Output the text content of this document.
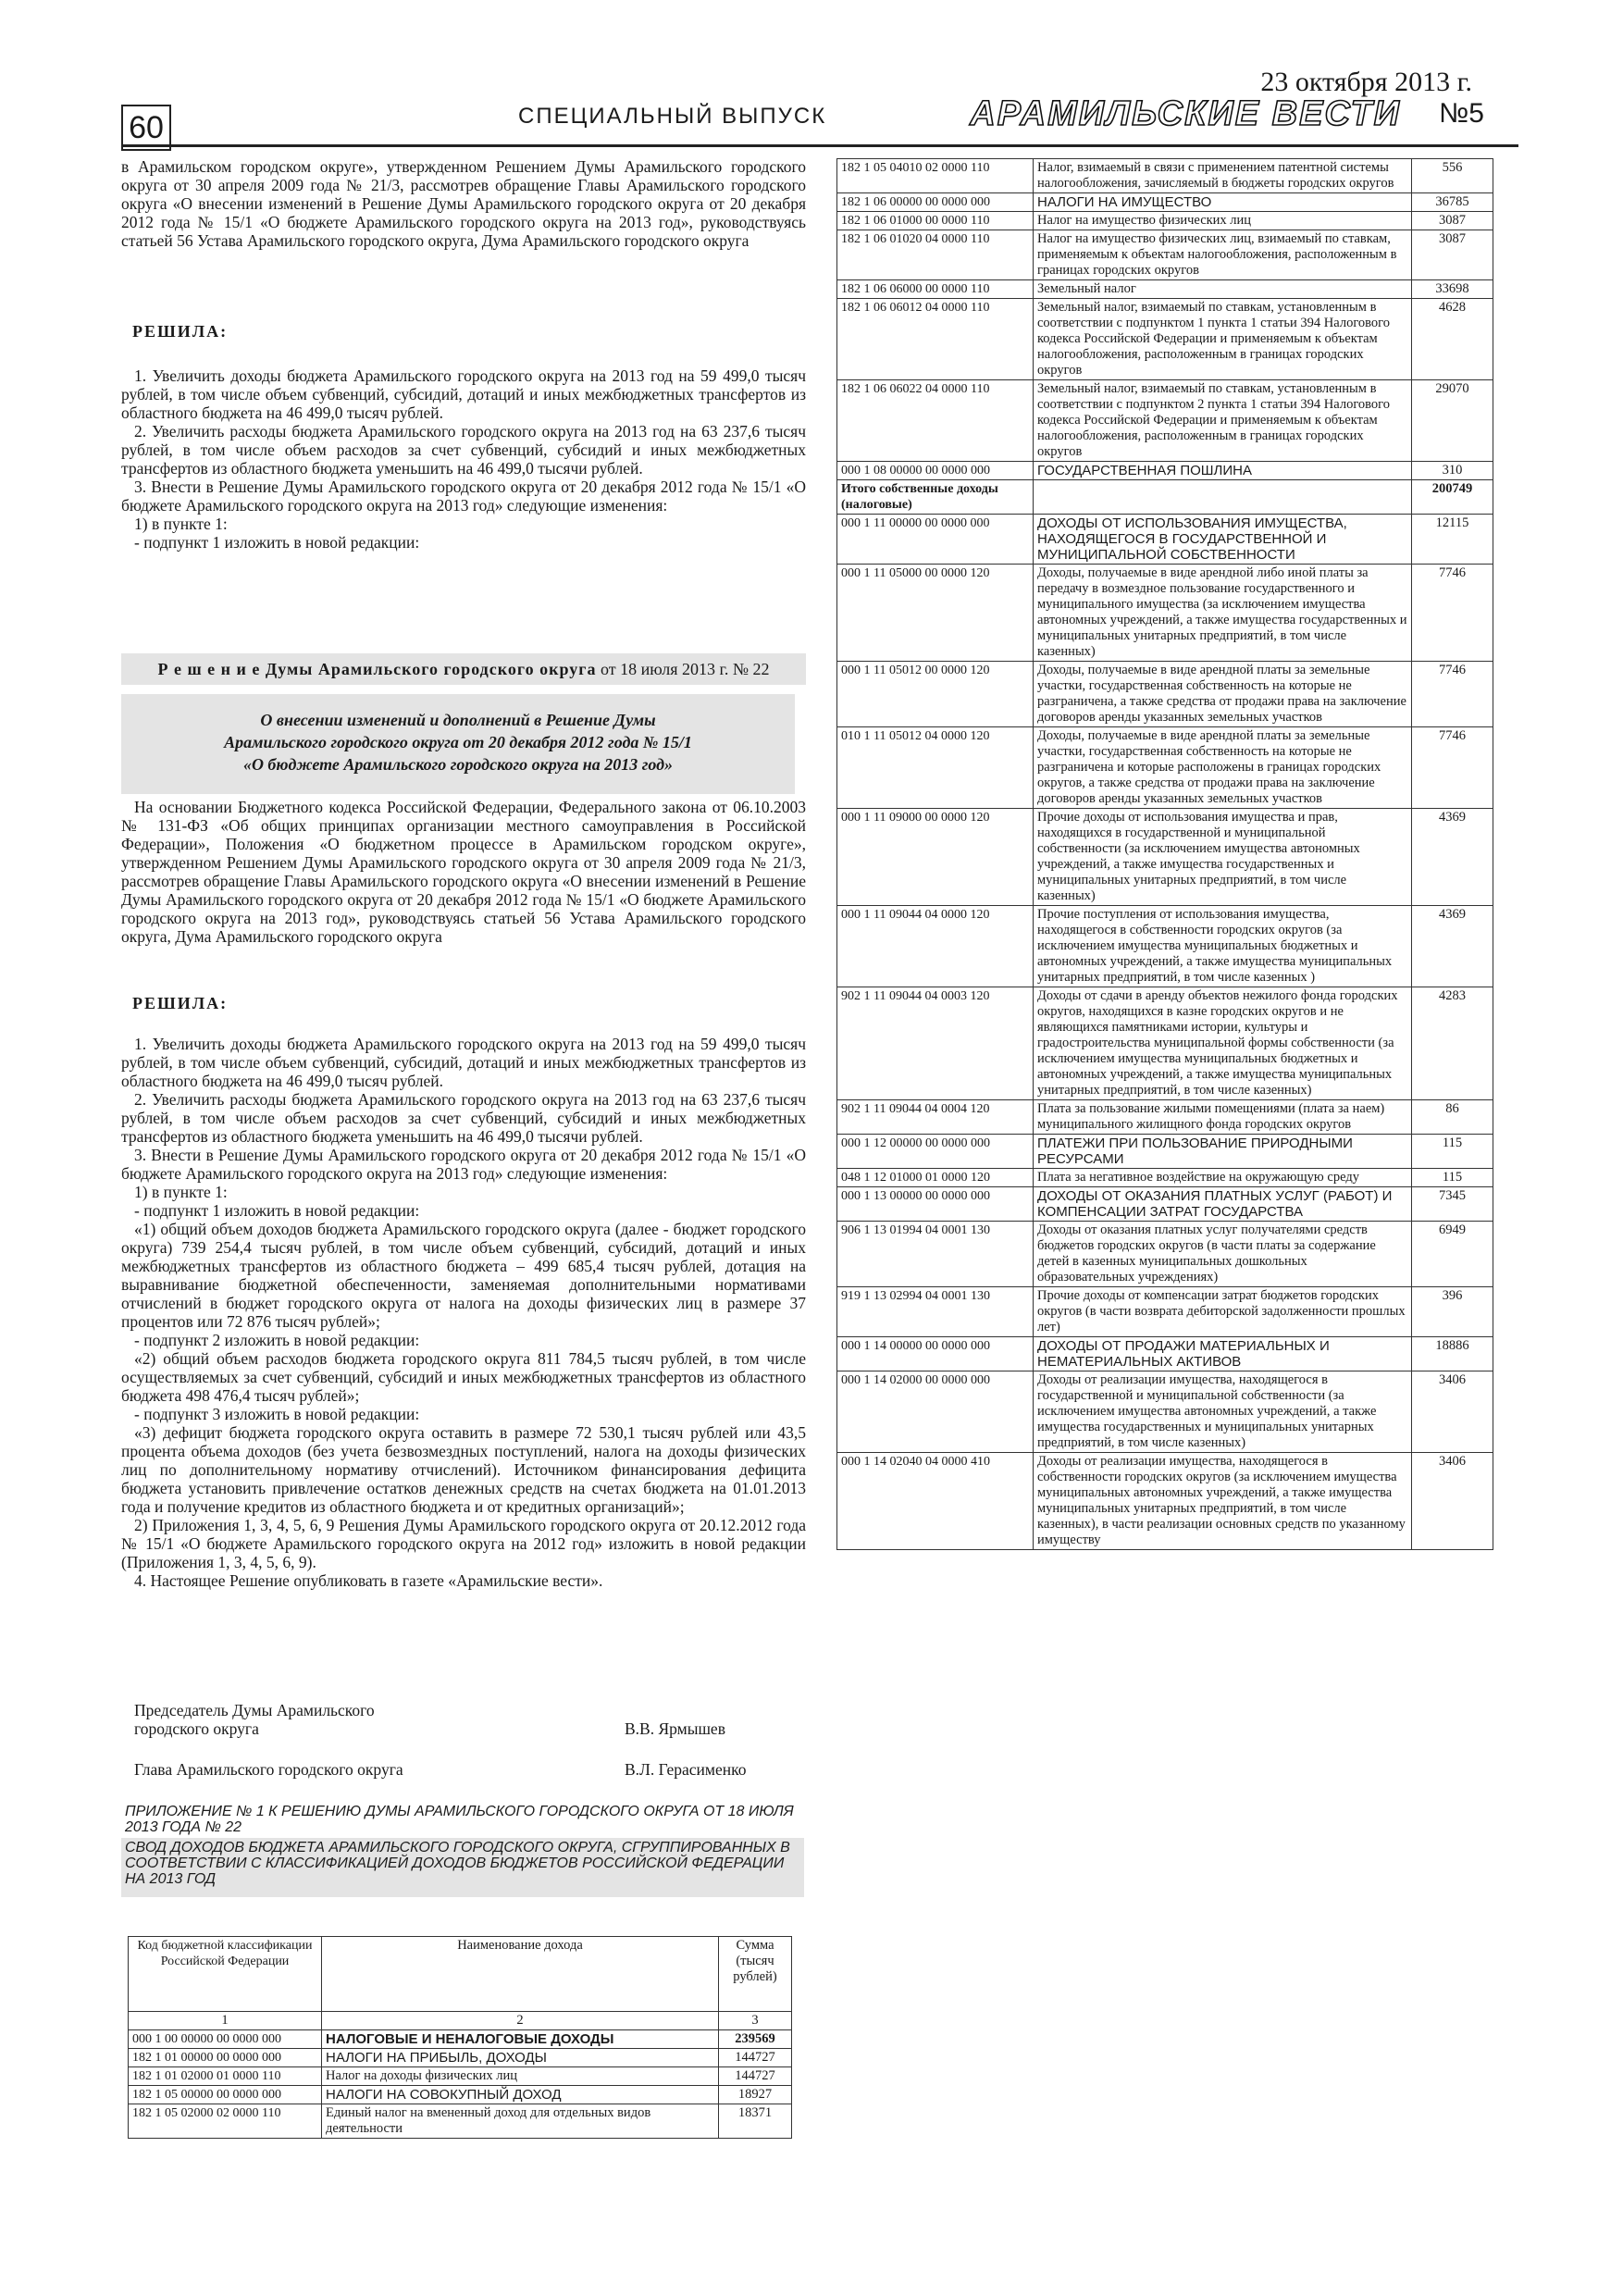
60	СПЕЦИАЛЬНЫЙ ВЫПУСК
23 октября 2013 г.
АРАМИЛЬСКИЕ ВЕСТИ №5

в Арамильском городском округе», утвержденном Решением Думы Арамильского городского округа от 30 апреля 2009 года № 21/3, рассмотрев обращение Главы Арамильского городского округа «О внесении изменений в Решение Думы Арамильского городского округа от 20 декабря 2012 года № 15/1 «О бюджете Арамильского городского округа на 2013 год», руководствуясь статьей 56 Устава Арамильского городского округа, Дума Арамильского городского округа

РЕШИЛА:

1. Увеличить доходы бюджета Арамильского городского округа на 2013 год на 59 499,0 тысяч рублей, в том числе объем субвенций, субсидий, дотаций и иных межбюджетных трансфертов из областного бюджета на 46 499,0 тысяч рублей.

2. Увеличить расходы бюджета Арамильского городского округа на 2013 год на 63 237,6 тысяч рублей, в том числе объем расходов за счет субвенций, субсидий и иных межбюджетных трансфертов из областного бюджета уменьшить на 46 499,0 тысячи рублей.

3. Внести в Решение Думы Арамильского городского округа от 20 декабря 2012 года № 15/1 «О бюджете Арамильского городского округа на 2013 год» следующие изменения:

1) в пункте 1:

- подпункт 1 изложить в новой редакции:

Р е ш е н и е Думы Арамильского городского округа от 18 июля 2013 г. № 22
О внесении изменений и дополнений в Решение Думы
Арамильского городского округа от 20 декабря 2012 года № 15/1
«О бюджете Арамильского городского округа на 2013 год»

На основании Бюджетного кодекса Российской Федерации, Федерального закона от 06.10.2003 № 131-ФЗ «Об общих принципах организации местного самоуправления в Российской Федерации», Положения «О бюджетном процессе в Арамильском городском округе», утвержденном Решением Думы Арамильского городского округа от 30 апреля 2009 года № 21/3, рассмотрев обращение Главы Арамильского городского округа «О внесении изменений в Решение Думы Арамильского городского округа от 20 декабря 2012 года № 15/1 «О бюджете Арамильского городского округа на 2013 год», руководствуясь статьей 56 Устава Арамильского городского округа, Дума Арамильского городского округа

РЕШИЛА:

1. Увеличить доходы бюджета Арамильского городского округа на 2013 год на 59 499,0 тысяч рублей, в том числе объем субвенций, субсидий, дотаций и иных межбюджетных трансфертов из областного бюджета на 46 499,0 тысяч рублей.

2. Увеличить расходы бюджета Арамильского городского округа на 2013 год на 63 237,6 тысяч рублей, в том числе объем расходов за счет субвенций, субсидий и иных межбюджетных трансфертов из областного бюджета уменьшить на 46 499,0 тысячи рублей.

3. Внести в Решение Думы Арамильского городского округа от 20 декабря 2012 года № 15/1 «О бюджете Арамильского городского округа на 2013 год» следующие изменения:

1) в пункте 1:

- подпункт 1 изложить в новой редакции:

«1) общий объем доходов бюджета Арамильского городского округа (далее - бюджет городского округа) 739 254,4 тысяч рублей, в том числе объем субвенций, субсидий, дотаций и иных межбюджетных трансфертов из областного бюджета – 499 685,4 тысяч рублей, дотация на выравнивание бюджетной обеспеченности, заменяемая дополнительными нормативами отчислений в бюджет городского округа от налога на доходы физических лиц в размере 37 процентов или 72 876 тысяч рублей»;

- подпункт 2 изложить в новой редакции:

«2) общий объем расходов бюджета городского округа 811 784,5 тысяч рублей, в том числе осуществляемых за счет субвенций, субсидий и иных межбюджетных трансфертов из областного бюджета 498 476,4 тысяч рублей»;

- подпункт 3 изложить в новой редакции:

«3) дефицит бюджета городского округа оставить в размере 72 530,1 тысяч рублей или 43,5 процента объема доходов (без учета безвозмездных поступлений, налога на доходы физических лиц по дополнительному нормативу отчислений). Источником финансирования дефицита бюджета установить привлечение остатков денежных средств на счетах бюджета на 01.01.2013 года и получение кредитов из областного бюджета и от кредитных организаций»;

2) Приложения 1, 3, 4, 5, 6, 9 Решения Думы Арамильского городского округа от 20.12.2012 года № 15/1 «О бюджете Арамильского городского округа на 2012 год» изложить в новой редакции (Приложения 1, 3, 4, 5, 6, 9).

4. Настоящее Решение опубликовать в газете «Арамильские вести».

Председатель Думы Арамильского
городского округа	В.В. Ярмышев
Глава Арамильского городского округа	В.Л. Герасименко
ПРИЛОЖЕНИЕ № 1 К РЕШЕНИЮ ДУМЫ АРАМИЛЬСКОГО ГОРОДСКОГО ОКРУГА ОТ 18 ИЮЛЯ 2013 ГОДА № 22
СВОД ДОХОДОВ БЮДЖЕТА АРАМИЛЬСКОГО ГОРОДСКОГО ОКРУГА, СГРУППИРОВАННЫХ В СООТВЕТСТВИИ С КЛАССИФИКАЦИЕЙ ДОХОДОВ БЮДЖЕТОВ РОССИЙСКОЙ ФЕДЕРАЦИИ НА 2013 ГОД
Код бюджетной классификации Российской Федерации	Наименование дохода	Сумма (тысяч рублей)
1	2	3
000 1 00 00000 00 0000 000	НАЛОГОВЫЕ И НЕНАЛОГОВЫЕ ДОХОДЫ	239569
182 1 01 00000 00 0000 000	НАЛОГИ НА ПРИБЫЛЬ, ДОХОДЫ	144727
182 1 01 02000 01 0000 110	Налог на доходы физических лиц	144727
182 1 05 00000 00 0000 000	НАЛОГИ НА СОВОКУПНЫЙ ДОХОД	18927
182 1 05 02000 02 0000 110	Единый налог на вмененный доход для отдельных видов деятельности	18371
182 1 05 04010 02 0000 110	Налог, взимаемый в связи с применением патентной системы налогообложения, зачисляемый в бюджеты городских округов	556
182 1 06 00000 00 0000 000	НАЛОГИ НА ИМУЩЕСТВО	36785
182 1 06 01000 00 0000 110	Налог на имущество физических лиц	3087
182 1 06 01020 04 0000 110	Налог на имущество физических лиц, взимаемый по ставкам, применяемым к объектам налогообложения, расположенным в границах городских округов	3087
182 1 06 06000 00 0000 110	Земельный налог	33698
182 1 06 06012 04 0000 110	Земельный налог, взимаемый по ставкам, установленным в соответствии с подпунктом 1 пункта 1 статьи 394 Налогового кодекса Российской Федерации и применяемым к объектам налогообложения, расположенным в границах городских округов	4628
182 1 06 06022 04 0000 110	Земельный налог, взимаемый по ставкам, установленным в соответствии с подпунктом 2 пункта 1 статьи 394 Налогового кодекса Российской Федерации и применяемым к объектам налогообложения, расположенным в границах городских округов	29070
000 1 08 00000 00 0000 000	ГОСУДАРСТВЕННАЯ ПОШЛИНА	310
Итого собственные доходы (налоговые)		200749
000 1 11 00000 00 0000 000	ДОХОДЫ ОТ ИСПОЛЬЗОВАНИЯ ИМУЩЕСТВА, НАХОДЯЩЕГОСЯ В ГОСУДАРСТВЕННОЙ И МУНИЦИПАЛЬНОЙ СОБСТВЕННОСТИ	12115
000 1 11 05000 00 0000 120	Доходы, получаемые в виде арендной либо иной платы за передачу в возмездное пользование государственного и муниципального имущества (за исключением имущества автономных учреждений, а также имущества государственных и муниципальных унитарных предприятий, в том числе казенных)	7746
000 1 11 05012 00 0000 120	Доходы, получаемые в виде арендной платы за земельные участки, государственная собственность на которые не разграничена, а также средства от продажи права на заключение договоров аренды указанных земельных участков	7746
010 1 11 05012 04 0000 120	Доходы, получаемые в виде арендной платы за земельные участки, государственная собственность на которые не разграничена и которые расположены в границах городских округов, а также средства от продажи права на заключение договоров аренды указанных земельных участков	7746
000 1 11 09000 00 0000 120	Прочие доходы от использования имущества и прав, находящихся в государственной и муниципальной собственности (за исключением имущества автономных учреждений, а также имущества государственных и муниципальных унитарных предприятий, в том числе казенных)	4369
000 1 11 09044 04 0000 120	Прочие поступления от использования имущества, находящегося в собственности городских округов (за исключением имущества муниципальных бюджетных и автономных учреждений, а также имущества муниципальных унитарных предприятий, в том числе казенных )	4369
902 1 11 09044 04 0003 120	Доходы от сдачи в аренду объектов нежилого фонда городских округов, находящихся в казне городских округов и не являющихся памятниками истории, культуры и градостроительства муниципальной формы собственности (за исключением имущества муниципальных бюджетных и автономных учреждений, а также имущества муниципальных унитарных предприятий, в том числе казенных)	4283
902 1 11 09044 04 0004 120	Плата за пользование жилыми помещениями (плата за наем) муниципального жилищного фонда городских округов	86
000 1 12 00000 00 0000 000	ПЛАТЕЖИ ПРИ ПОЛЬЗОВАНИЕ ПРИРОДНЫМИ РЕСУРСАМИ	115
048 1 12 01000 01 0000 120	Плата за негативное воздействие на окружающую среду	115
000 1 13 00000 00 0000 000	ДОХОДЫ ОТ ОКАЗАНИЯ ПЛАТНЫХ УСЛУГ (РАБОТ) И КОМПЕНСАЦИИ ЗАТРАТ ГОСУДАРСТВА	7345
906 1 13 01994 04 0001 130	Доходы от оказания платных услуг получателями средств бюджетов городских округов (в части платы за содержание детей в казенных муниципальных дошкольных образовательных учреждениях)	6949
919 1 13 02994 04 0001 130	Прочие доходы от компенсации затрат бюджетов городских округов (в части возврата дебиторской задолженности прошлых лет)	396
000 1 14 00000 00 0000 000	ДОХОДЫ ОТ ПРОДАЖИ МАТЕРИАЛЬНЫХ И НЕМАТЕРИАЛЬНЫХ АКТИВОВ	18886
000 1 14 02000 00 0000 000	Доходы от реализации имущества, находящегося в государственной и муниципальной собственности (за исключением имущества автономных учреждений, а также имущества государственных и муниципальных унитарных предприятий, в том числе казенных)	3406
000 1 14 02040 04 0000 410	Доходы от реализации имущества, находящегося в собственности городских округов (за исключением имущества муниципальных автономных учреждений, а также имущества муниципальных унитарных предприятий, в том числе казенных), в части реализации основных средств по указанному имуществу	3406
